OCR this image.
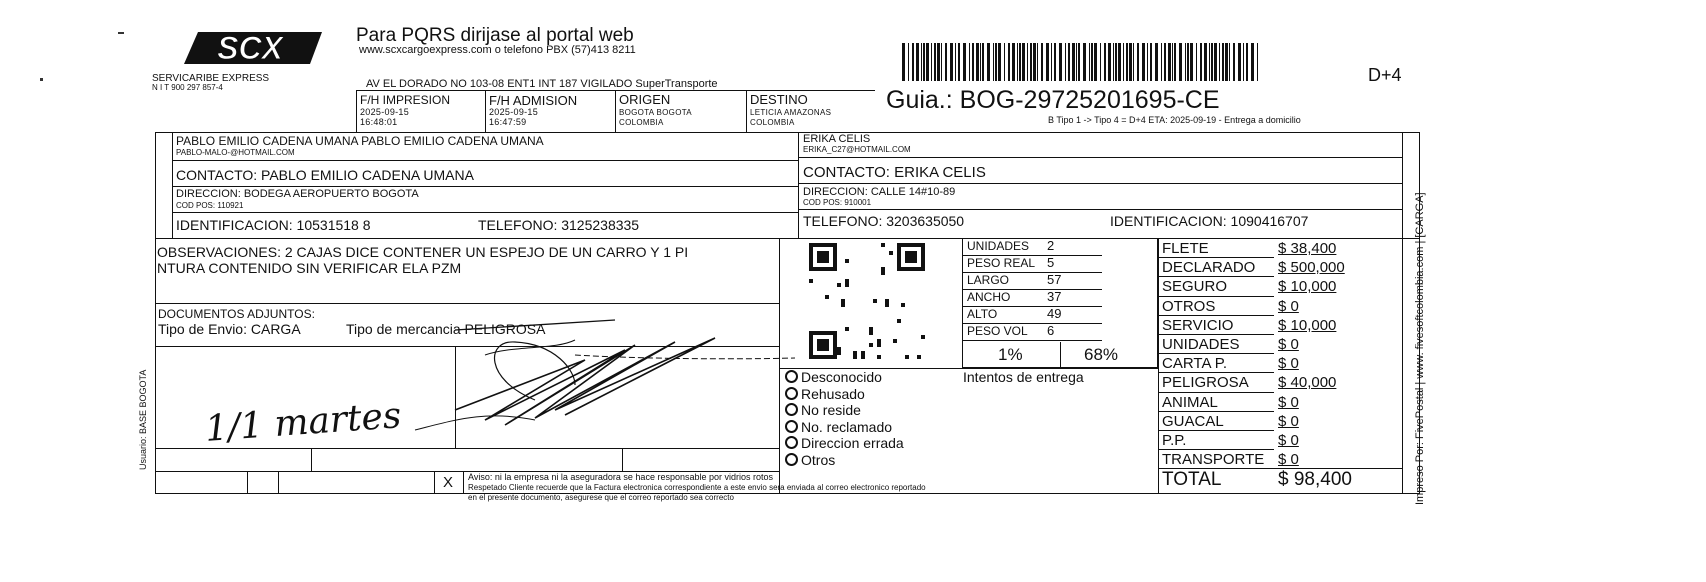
SCX
SERVICARIBE EXPRESS
N I T 900 297 857-4
Para PQRS dirijase al portal web
www.scxcargoexpress.com o telefono PBX (57)413 8211
AV EL DORADO NO 103-08 ENT1 INT 187 VIGILADO SuperTransporte	D+4
Guia.: BOG-29725201695-CE
B Tipo 1 -> Tipo 4 = D+4 ETA: 2025-09-19 - Entrega a domicilio
F/H IMPRESION
2025-09-15
16:48:01
F/H ADMISION
2025-09-15
16:47:59
ORIGEN
BOGOTA BOGOTA
COLOMBIA
DESTINO
LETICIA AMAZONAS
COLOMBIA
PABLO EMILIO CADENA UMANA PABLO EMILIO CADENA UMANA
PABLO-MALO-@HOTMAIL.COM
CONTACTO: PABLO EMILIO CADENA UMANA
DIRECCION: BODEGA AEROPUERTO BOGOTA
COD POS: 110921
IDENTIFICACION: 10531518 8	TELEFONO: 3125238335
ERIKA CELIS
ERIKA_C27@HOTMAIL.COM
CONTACTO: ERIKA CELIS
DIRECCION: CALLE 14#10-89
COD POS: 910001
TELEFONO: 3203635050	IDENTIFICACION: 1090416707
OBSERVACIONES: 2 CAJAS DICE CONTENER UN ESPEJO DE UN CARRO Y 1 PI
NTURA CONTENIDO SIN VERIFICAR ELA PZM
DOCUMENTOS ADJUNTOS:
Tipo de Envio: CARGA	Tipo de mercancia PELIGROSA
Usuario: BASE BOGOTA
X
1/1 martes
UNIDADES 2
PESO REAL 5
LARGO	57
ANCHO	37
ALTO	49
PESO VOL 6
1%	68%
Desconocido
Rehusado
No reside
No. reclamado
Direccion errada
Otros
Intentos de entrega
FLETE	$ 38,400
DECLARADO $ 500,000
SEGURO	$ 10,000
OTROS	$ 0
SERVICIO	$ 10,000
UNIDADES	$ 0
CARTA P.	$ 0
PELIGROSA $ 40,000
ANIMAL	$ 0
GUACAL	$ 0
P.P.	$ 0
TRANSPORTE $ 0
TOTAL	$ 98,400
Aviso: ni la empresa ni la aseguradora se hace responsable por vidrios rotos
Respetado Cliente recuerde que la Factura electronica correspondiente a este envio sera enviada al correo electronico reportado
en el presente documento, asegurese que el correo reportado sea correcto	Impreso Por: FivePostal | www. fivesoftcolombia.com | [CARGA]
